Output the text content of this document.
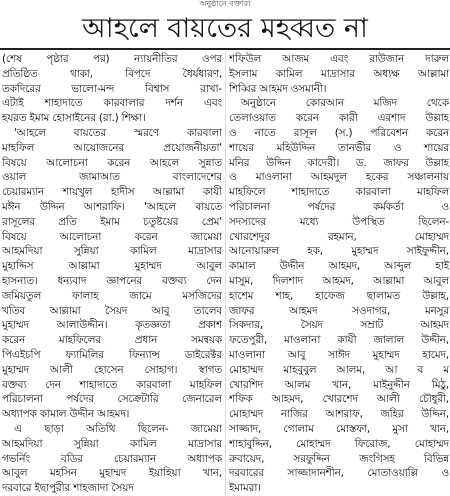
অনুষ্ঠানে বক্তারা
আহলে বায়তের মহব্বত না
(শেষ পৃষ্ঠার পর) ন্যায়নীতির ওপর
প্রতিষ্ঠিত থাকা, বিপদে ধৈর্যধারণ,
তকদিরের ভালো-মন্দ বিশ্বাস রাখা-
এটাই শাহাদাতে কারবালার দর্শন এবং
হযরত ইমাম হোসাইনের (রা.) শিক্ষা।
'আহলে বায়তের স্মরণে কারবালা
মাহফিল আয়োজনের প্রয়োজনীয়তা'
বিষয়ে আলোচনা করেন আহলে সুন্নাত
ওয়াল জামাআত বাংলাদেশের
চেয়ারম্যান শায়খুল হাদীস আল্লামা কাযী
মঈন উদ্দিন আশরাফি। 'আহলে বায়তে
রাসূলের প্রতি ইমাম চতুষ্টয়ের প্রেম'
বিষয়ে আলোচনা করেন জামেয়া
আহমদিয়া সুন্নিয়া কামিল মাদ্রাসার
মুহাদ্দিস আল্লামা মুহাম্মদ আবুল
হাসনাত। ধন্যবাদ জ্ঞাপনের বক্তব্য দেন
জমিয়তুল ফালাহ জামে মসজিদের
খতিব আল্লামা সৈয়দ আবু তালেব
মুহাম্মদ আলাউদ্দীন। কৃতজ্ঞতা প্রকাশ
করেন মাহফিলের প্রধান সমন্বয়ক
পিএইচপি ফ্যামিলির ফিন্যান্স ডাইরেক্টর
মুহাম্মদ আলী হোসেন সোহাগ। স্বাগত
বক্তব্য দেন শাহাদাতে কারবালা মাহফিল
পরিচালনা পর্ষদের সেক্রেটারি জেনারেল
অধ্যাপক কামাল উদ্দীন আহমদ।
এ ছাড়া অতিথি ছিলেন- জামেয়া
আহমদিয়া সুন্নিয়া কামিল মাদ্রাসার
গভর্নিং বডির চেয়ারম্যান অধ্যাপক
আবুল মহসিন মুহাম্মদ ইয়াহিয়া খান,
দরবারে ইছাপুরীর শাহজাদা সৈয়দ
শফিউল আজম এবং রাউজান দারুল
ইসলাম কামিল মাদ্রাসার অধ্যক্ষ আল্লামা
শিব্বির আহমদ ওসমানী।
অনুষ্ঠানে কোরআন মজিদ থেকে
তেলাওয়াত করেন কারী এরশাদ উল্লাহ
ও নাতে রাসূল (স.) পরিবেশন করেন
শায়ের মহিউদ্দিন তানভীর ও শায়ের
মনির উদ্দিন কাদেরী। ড. জাফর উল্লাহ
ও মাওলানা আহমদুল হকের সঞ্চালনায়
মাহফিলে শাহাদাতে কারবালা মাহফিল
পরিচালনা পর্ষদের কর্মকর্তা ও
সদস্যদের মধ্যে উপস্থিত ছিলেন-
খোরশেদুর রহমান, মোহাম্মদ
আনোয়ারুল হক, মুহাম্মদ সাইফুদ্দীন,
কামাল উদ্দীন আহমদ, আব্দুল হাই
মাসুম, দিলশাদ আহমদ, আল্লামা আবুল
হাশেম শাহ, হাফেজ ছালামত উল্লাহ,
জাফর আহমদ সওদাগর, মনসুর
সিকদার, সৈয়দ সম্রাট আহমদ
ফতেপুরী, মাওলানা কাযী জালাল উদ্দীন,
মাওলানা আবু সাঈদ মুহাম্মদ হামেদ,
মোহাম্মদ মাহবুবুল আলম, আ ব ম
খোরশিদ আলম খান, মাইনুদ্দীন মিঠু,
শফিক আহমদ, খোরশেদ আলী চৌধুরী,
মোহাম্মদ নাজির আশরাফ, জহির উদ্দিন,
সাজ্জাদ, গোলাম মোস্তফা, মুসা খান,
শাহাবুদ্দিন, মোহাম্মদ ফিরোজ, মোহাম্মদ
রুবায়েদ, সরফুদ্দিন জংগিসহ বিভিন্ন
দরবারের সাজ্জাদানশীন, মোতাওয়াল্লি ও
ইমামরা।
